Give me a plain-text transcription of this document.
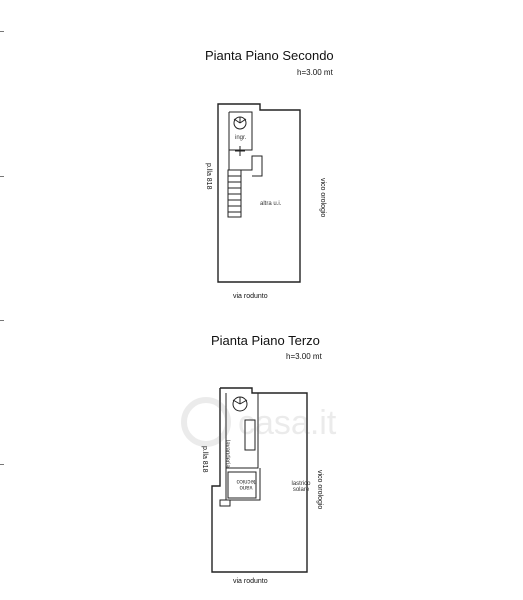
Pianta Piano Secondo
h=3.00 mt
ingr.
altra u.i.
p.lla 818
vico orologio
via roduntо
Pianta Piano Terzo
h=3.00 mt
lavanderia
lastrico solare
vano tecnico
p.lla 818
vico orologio
via roduntо
casa.it
